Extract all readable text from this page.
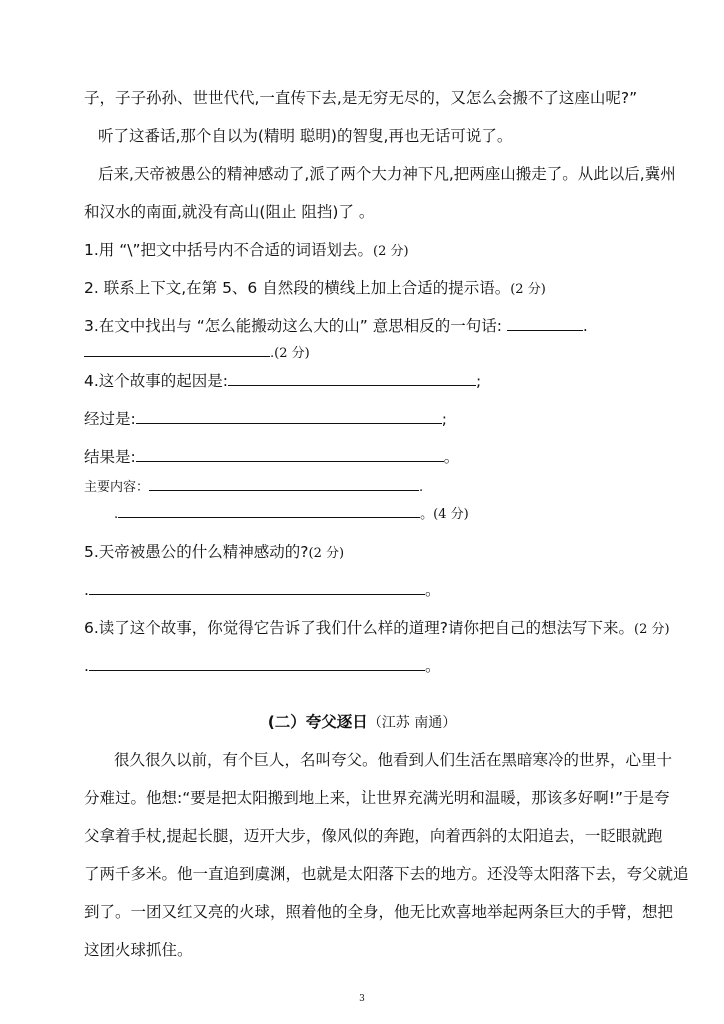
子，子子孙孙、世世代代,一直传下去,是无穷无尽的，又怎么会搬不了这座山呢?”
听了这番话,那个自以为(精明 聪明)的智叟,再也无话可说了。
后来,天帝被愚公的精神感动了,派了两个大力神下凡,把两座山搬走了。从此以后,冀州
和汉水的南面,就没有高山(阻止 阻挡)了 。
1.用 “\”把文中括号内不合适的词语划去。(2 分)
2. 联系上下文,在第 5、6 自然段的横线上加上合适的提示语。(2 分)
3.在文中找出与 “怎么能搬动这么大的山” 意思相反的一句话:	.
.(2 分)
4.这个故事的起因是:	;
经过是:	;
结果是:	。
主要内容：	.
.	。(4 分)
5.天帝被愚公的什么精神感动的?(2 分)
.	。
6.读了这个故事，你觉得它告诉了我们什么样的道理?请你把自己的想法写下来。(2 分)
.	。
(二）夸父逐日（江苏 南通）
很久很久以前，有个巨人，名叫夸父。他看到人们生活在黑暗寒冷的世界，心里十
分难过。他想:“要是把太阳搬到地上来，让世界充满光明和温暖，那该多好啊!”于是夸
父拿着手杖,提起长腿，迈开大步，像风似的奔跑，向着西斜的太阳追去，一眨眼就跑
了两千多米。他一直追到虞渊，也就是太阳落下去的地方。还没等太阳落下去，夸父就追
到了。一团又红又亮的火球，照着他的全身，他无比欢喜地举起两条巨大的手臂，想把
这团火球抓住。
3
